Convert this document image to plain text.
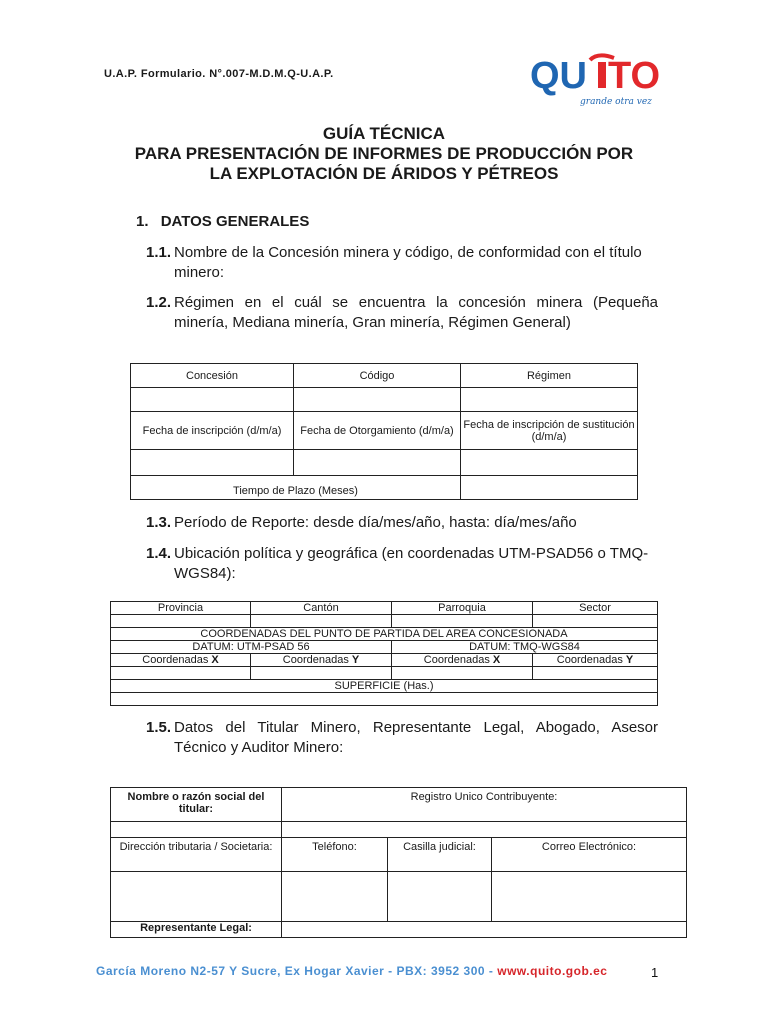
U.A.P. Formulario. N°.007-M.D.M.Q-U.A.P.	QU TO
grande otra vez
GUÍA TÉCNICA
PARA PRESENTACIÓN DE INFORMES DE PRODUCCIÓN POR
LA EXPLOTACIÓN DE ÁRIDOS Y PÉTREOS
1. DATOS GENERALES
1.1. Nombre de la Concesión minera y código, de conformidad con el título minero:
1.2. Régimen en el cuál se encuentra la concesión minera (Pequeña minería, Mediana minería, Gran minería, Régimen General)
Concesión	Código	Régimen

Fecha de inscripción (d/m/a)	Fecha de Otorgamiento (d/m/a)	Fecha de inscripción de sustitución (d/m/a)

Tiempo de Plazo (Meses)		
1.3. Período de Reporte: desde día/mes/año, hasta: día/mes/año
1.4. Ubicación política y geográfica (en coordenadas UTM-PSAD56 o TMQ-WGS84):
Provincia	Cantón	Parroquia	Sector

COORDENADAS DEL PUNTO DE PARTIDA DEL AREA CONCESIONADA			
DATUM: UTM-PSAD 56		DATUM: TMQ-WGS84	
Coordenadas X	Coordenadas Y	Coordenadas X	Coordenadas Y

SUPERFICIE (Has.)			

1.5. Datos del Titular Minero, Representante Legal, Abogado, Asesor Técnico y Auditor Minero:
Nombre o razón social del titular:	Registro Unico Contribuyente:		

Dirección tributaria / Societaria:	Teléfono:	Casilla judicial:	Correo Electrónico:

Representante Legal:			
García Moreno N2-57 Y Sucre, Ex Hogar Xavier - PBX: 3952 300 - www.quito.gob.ec	1
